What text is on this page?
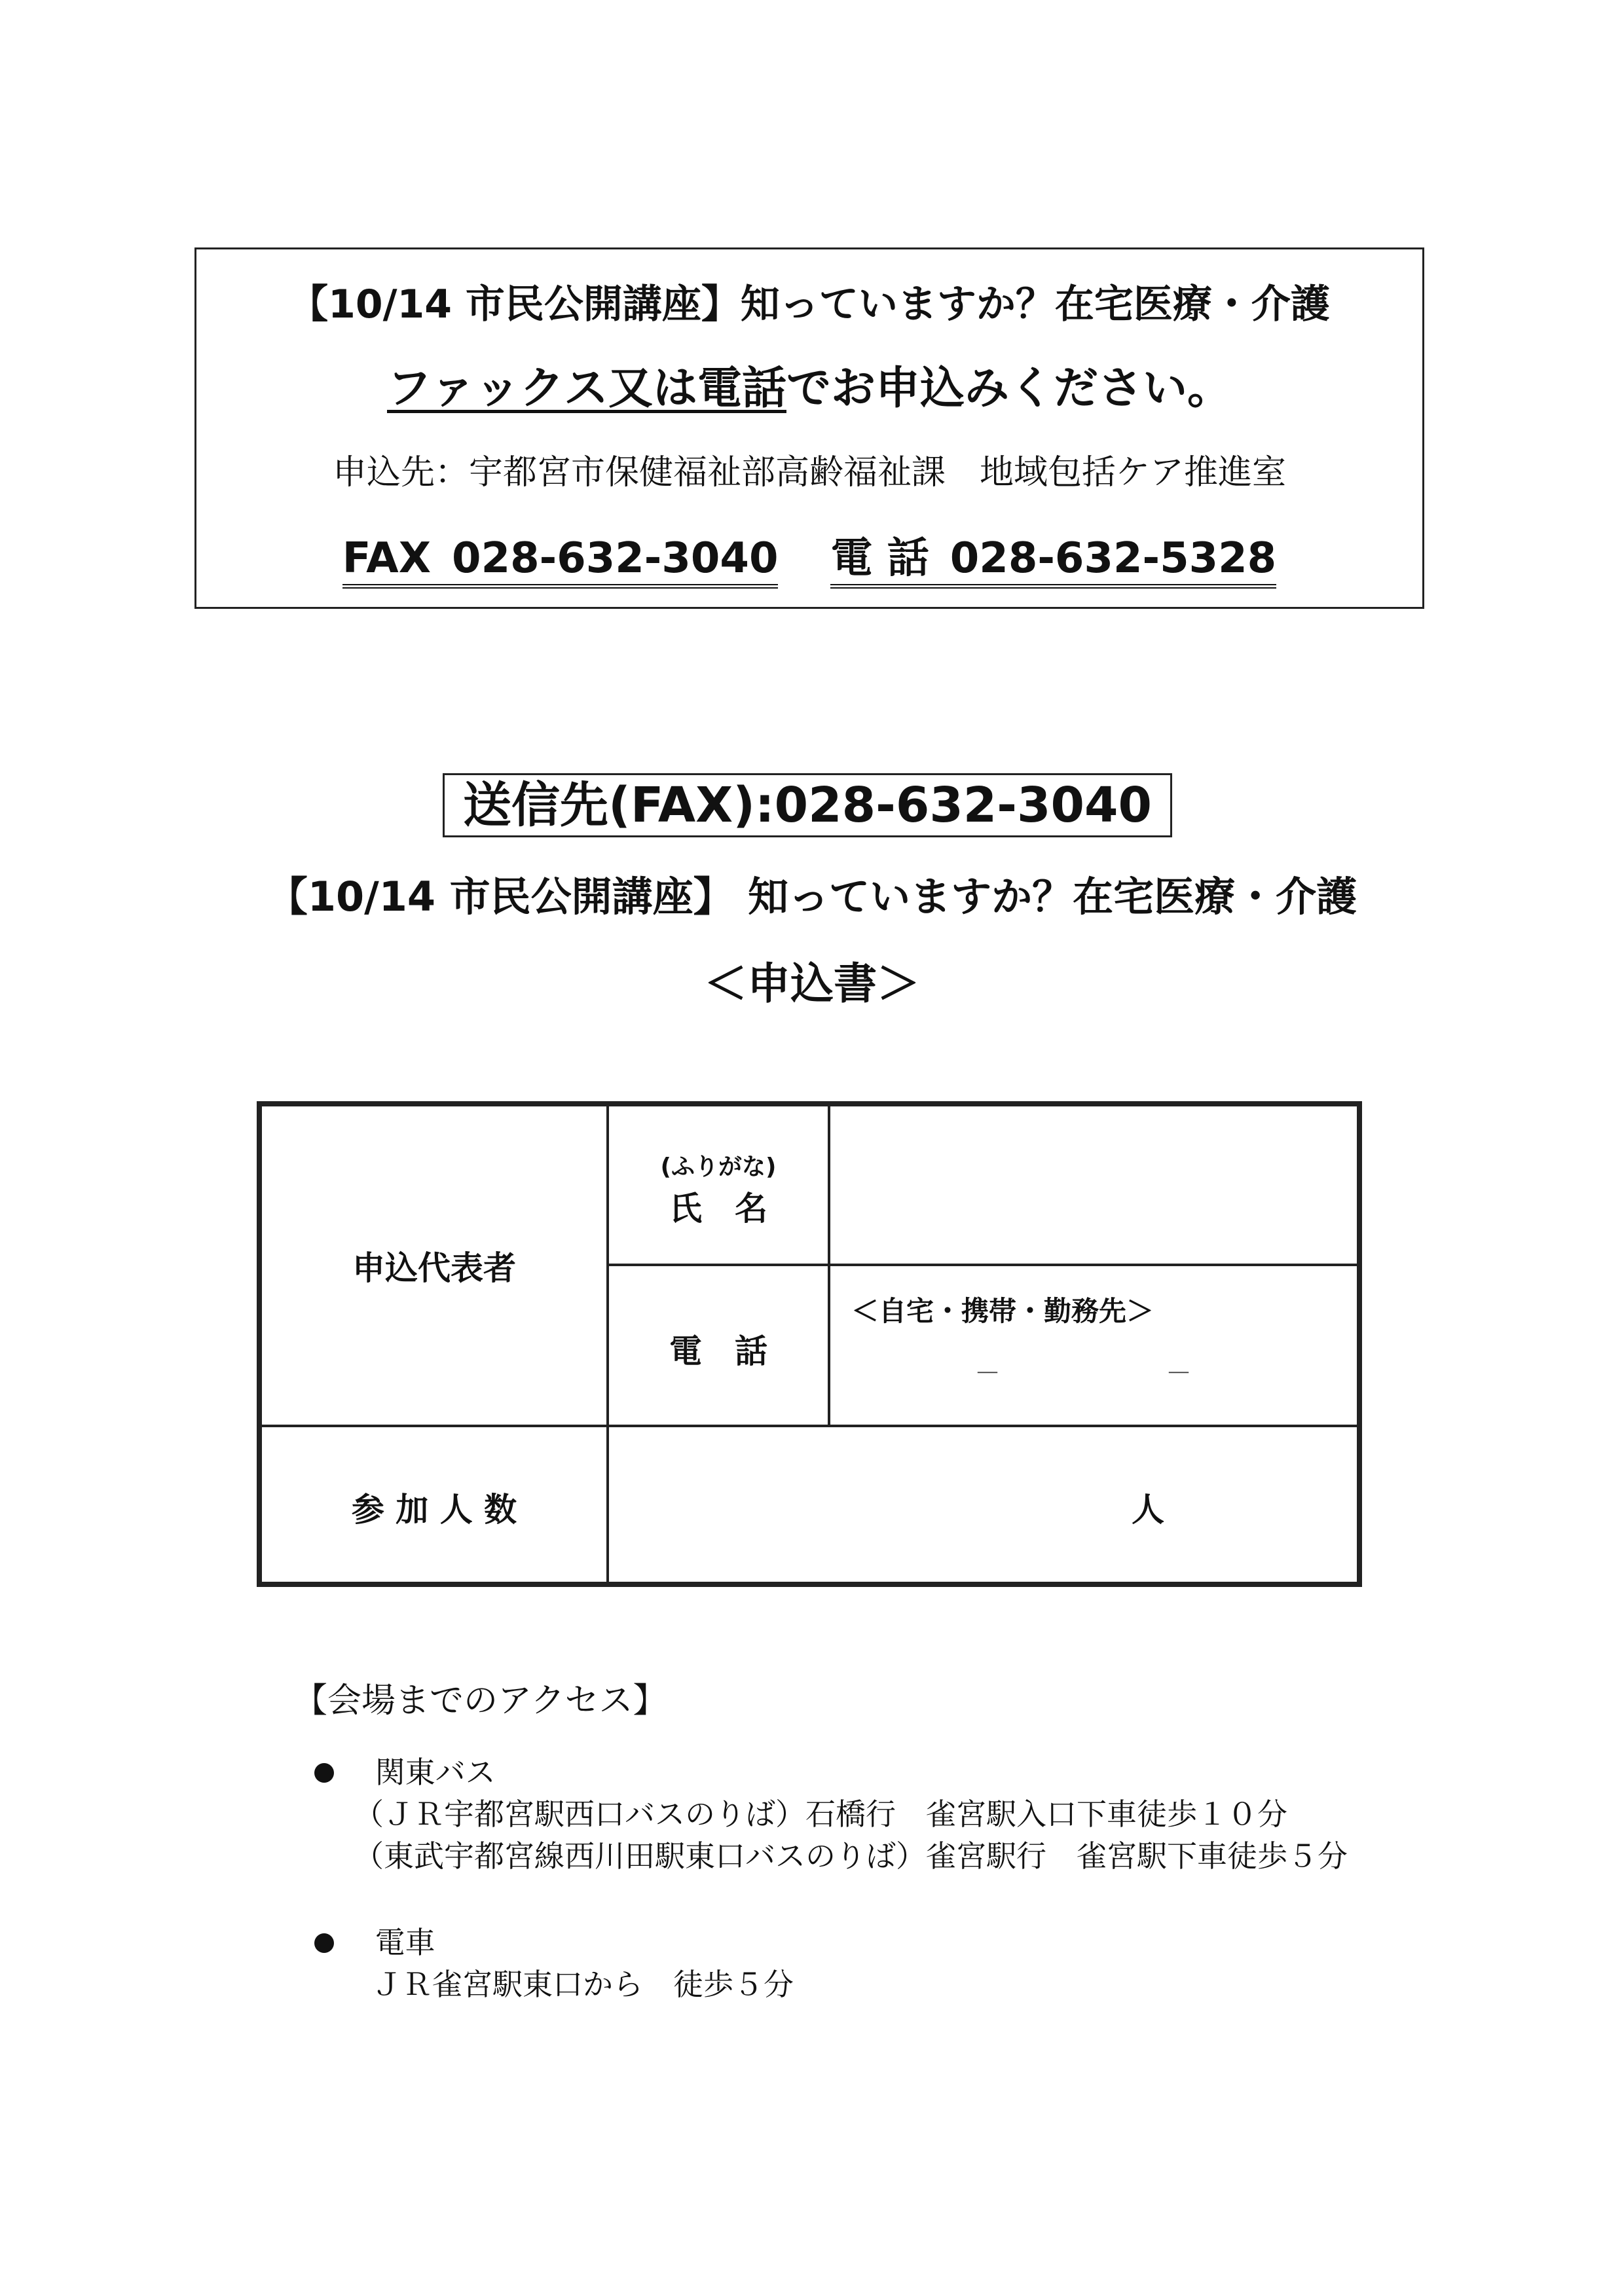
【10/14 市民公開講座】知っていますか？在宅医療・介護
ファックス又は電話でお申込みください。
申込先：宇都宮市保健福祉部高齢福祉課　地域包括ケア推進室
FAX  028-632-3040 電 話  028-632-5328
送信先(FAX):028-632-3040
【10/14 市民公開講座】 知っていますか？在宅医療・介護
＜申込書＞
申込代表者
(ふりがな)
氏　名
電　話
＜自宅・携帯・勤務先＞
－	－
参 加 人 数	人
【会場までのアクセス】
関東バス
（ＪＲ宇都宮駅西口バスのりば）石橋行　雀宮駅入口下車徒歩１０分
（東武宇都宮線西川田駅東口バスのりば）雀宮駅行　雀宮駅下車徒歩５分
電車
ＪＲ雀宮駅東口から　徒歩５分
